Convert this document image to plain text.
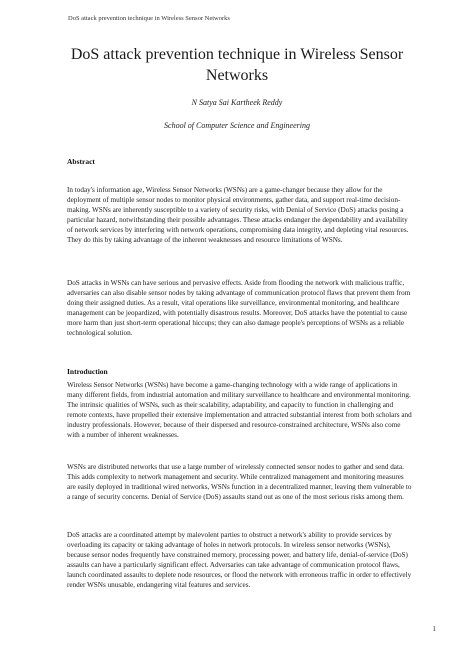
DoS attack prevention technique in Wireless Sensor Networks
DoS attack prevention technique in Wireless Sensor Networks
N Satya Sai Kartheek Reddy
School of Computer Science and Engineering
Abstract
In today's information age, Wireless Sensor Networks (WSNs) are a game-changer because they allow for the deployment of multiple sensor nodes to monitor physical environments, gather data, and support real-time decision-making. WSNs are inherently susceptible to a variety of security risks, with Denial of Service (DoS) attacks posing a particular hazard, notwithstanding their possible advantages. These attacks endanger the dependability and availability of network services by interfering with network operations, compromising data integrity, and depleting vital resources. They do this by taking advantage of the inherent weaknesses and resource limitations of WSNs.
DoS attacks in WSNs can have serious and pervasive effects. Aside from flooding the network with malicious traffic, adversaries can also disable sensor nodes by taking advantage of communication protocol flaws that prevent them from doing their assigned duties. As a result, vital operations like surveillance, environmental monitoring, and healthcare management can be jeopardized, with potentially disastrous results. Moreover, DoS attacks have the potential to cause more harm than just short-term operational hiccups; they can also damage people's perceptions of WSNs as a reliable technological solution.
Introduction
Wireless Sensor Networks (WSNs) have become a game-changing technology with a wide range of applications in many different fields, from industrial automation and military surveillance to healthcare and environmental monitoring. The intrinsic qualities of WSNs, such as their scalability, adaptability, and capacity to function in challenging and remote contexts, have propelled their extensive implementation and attracted substantial interest from both scholars and industry professionals. However, because of their dispersed and resource-constrained architecture, WSNs also come with a number of inherent weaknesses.
WSNs are distributed networks that use a large number of wirelessly connected sensor nodes to gather and send data. This adds complexity to network management and security. While centralized management and monitoring measures are easily deployed in traditional wired networks, WSNs function in a decentralized manner, leaving them vulnerable to a range of security concerns. Denial of Service (DoS) assaults stand out as one of the most serious risks among them.
DoS attacks are a coordinated attempt by malevolent parties to obstruct a network's ability to provide services by overloading its capacity or taking advantage of holes in network protocols. In wireless sensor networks (WSNs), because sensor nodes frequently have constrained memory, processing power, and battery life, denial-of-service (DoS) assaults can have a particularly significant effect. Adversaries can take advantage of communication protocol flaws, launch coordinated assaults to deplete node resources, or flood the network with erroneous traffic in order to effectively render WSNs unusable, endangering vital features and services.
1
